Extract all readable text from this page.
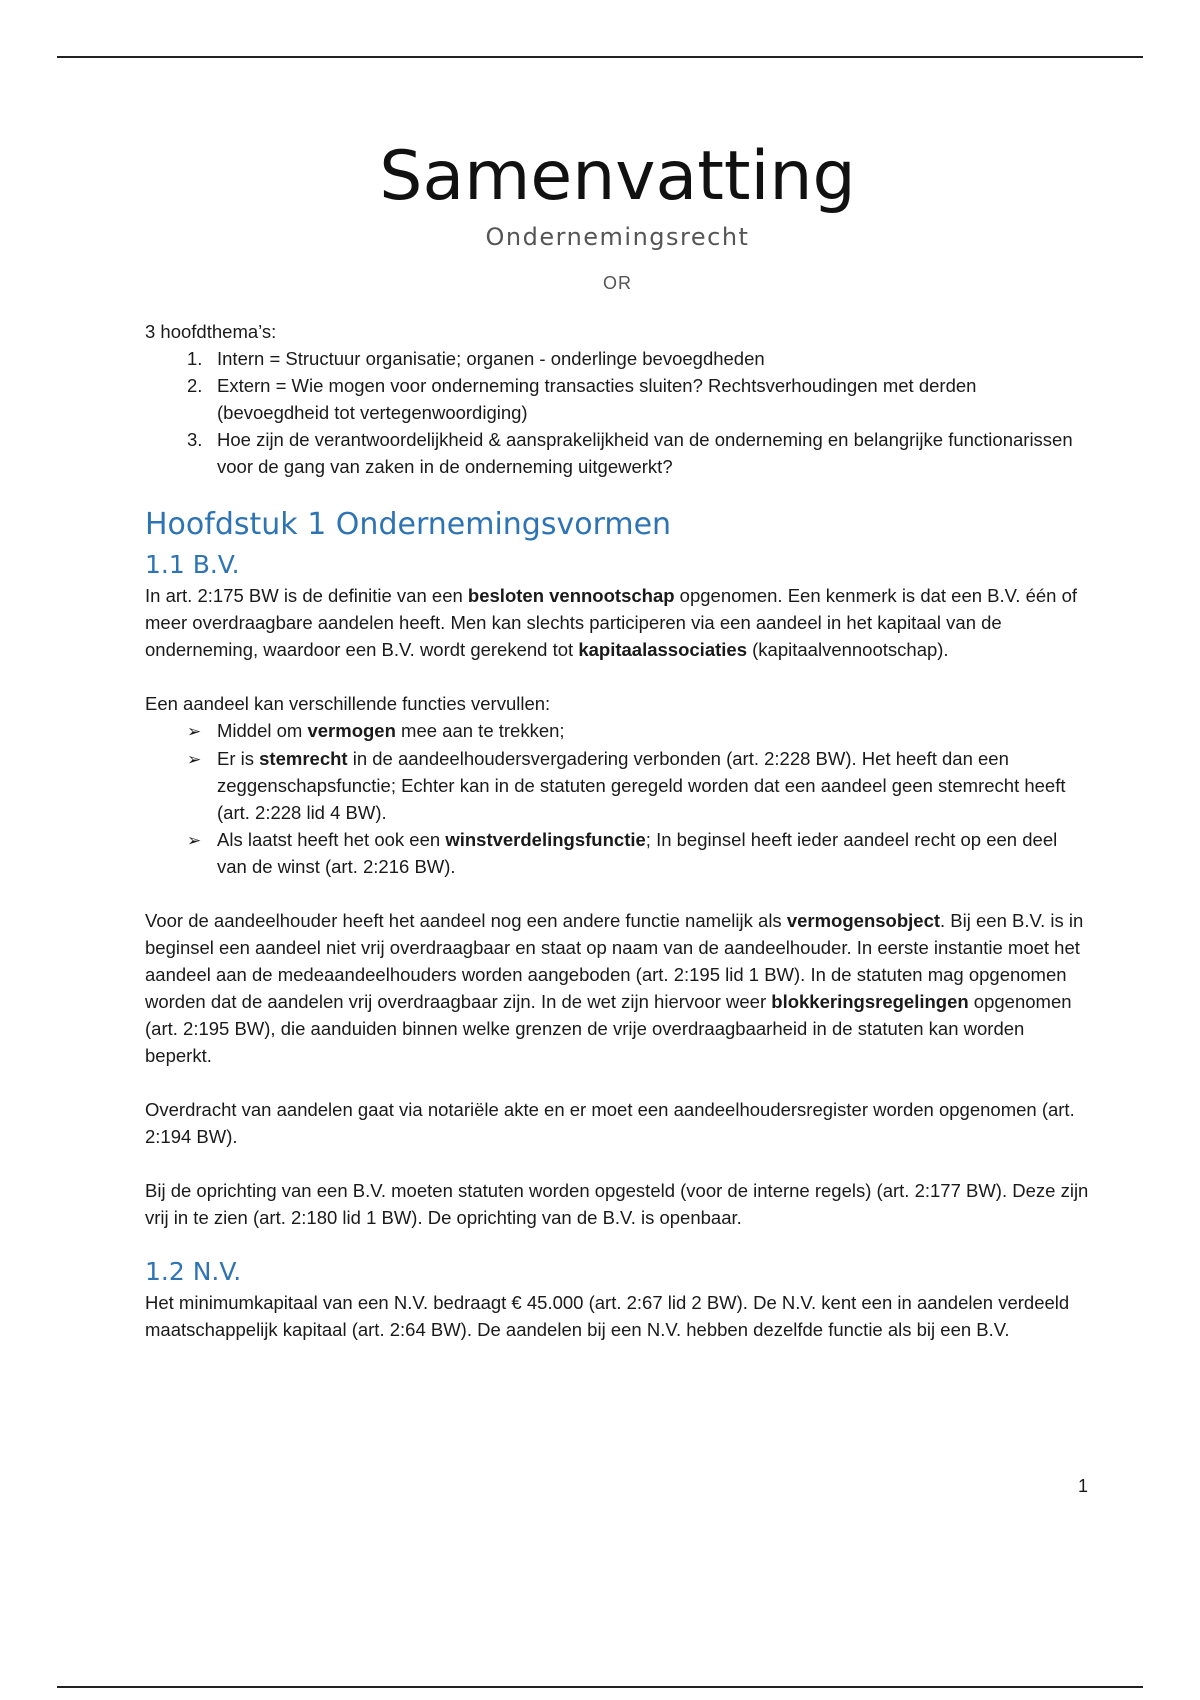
Samenvatting
Ondernemingsrecht
OR

3 hoofdthema’s:

1. Intern = Structuur organisatie; organen - onderlinge bevoegdheden
2. Extern = Wie mogen voor onderneming transacties sluiten? Rechtsverhoudingen met derden (bevoegdheid tot vertegenwoordiging)
3. Hoe zijn de verantwoordelijkheid & aansprakelijkheid van de onderneming en belangrijke functionarissen voor de gang van zaken in de onderneming uitgewerkt?
Hoofdstuk 1 Ondernemingsvormen
1.1 B.V.

In art. 2:175 BW is de definitie van een besloten vennootschap opgenomen. Een kenmerk is dat een B.V. één of meer overdraagbare aandelen heeft. Men kan slechts participeren via een aandeel in het kapitaal van de onderneming, waardoor een B.V. wordt gerekend tot kapitaalassociaties (kapitaalvennootschap).

Een aandeel kan verschillende functies vervullen:

➢ Middel om vermogen mee aan te trekken;
➢ Er is stemrecht in de aandeelhoudersvergadering verbonden (art. 2:228 BW). Het heeft dan een zeggenschapsfunctie; Echter kan in de statuten geregeld worden dat een aandeel geen stemrecht heeft (art. 2:228 lid 4 BW).
➢ Als laatst heeft het ook een winstverdelingsfunctie; In beginsel heeft ieder aandeel recht op een deel van de winst (art. 2:216 BW).

Voor de aandeelhouder heeft het aandeel nog een andere functie namelijk als vermogensobject. Bij een B.V. is in beginsel een aandeel niet vrij overdraagbaar en staat op naam van de aandeelhouder. In eerste instantie moet het aandeel aan de medeaandeelhouders worden aangeboden (art. 2:195 lid 1 BW). In de statuten mag opgenomen worden dat de aandelen vrij overdraagbaar zijn. In de wet zijn hiervoor weer blokkeringsregelingen opgenomen (art. 2:195 BW), die aanduiden binnen welke grenzen de vrije overdraagbaarheid in de statuten kan worden beperkt.

Overdracht van aandelen gaat via notariële akte en er moet een aandeelhoudersregister worden opgenomen (art. 2:194 BW).

Bij de oprichting van een B.V. moeten statuten worden opgesteld (voor de interne regels) (art. 2:177 BW). Deze zijn vrij in te zien (art. 2:180 lid 1 BW). De oprichting van de B.V. is openbaar.

1.2 N.V.

Het minimumkapitaal van een N.V. bedraagt € 45.000 (art. 2:67 lid 2 BW). De N.V. kent een in aandelen verdeeld maatschappelijk kapitaal (art. 2:64 BW). De aandelen bij een N.V. hebben dezelfde functie als bij een B.V.

1
